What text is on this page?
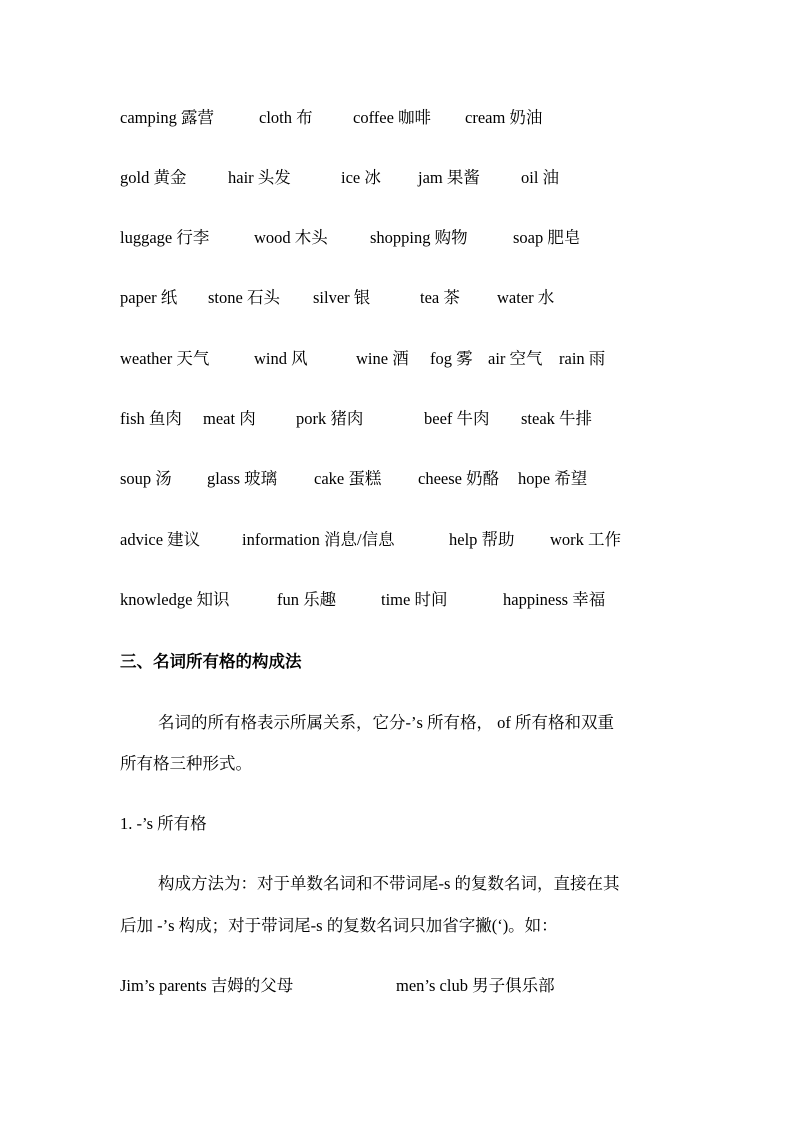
camping 露营	cloth 布 coffee 咖啡 cream 奶油
gold 黄金	hair 头发	ice 冰 jam 果酱 oil 油
luggage 行李	wood 木头	shopping 购物	soap 肥皂
paper 纸 stone 石头 silver 银	tea 茶 water 水
weather 天气	wind 风	wine 酒 fog 雾 air 空气 rain 雨
fish 鱼肉 meat 肉 pork 猪肉	beef 牛肉 steak 牛排
soup 汤 glass 玻璃 cake 蛋糕 cheese 奶酪 hope 希望
advice 建议	information 消息/信息	help 帮助 work 工作
knowledge 知识	fun 乐趣	time 时间	happiness 幸福
三、名词所有格的构成法
名词的所有格表示所属关系，它分-’s 所有格， of 所有格和双重
所有格三种形式。
1. -’s 所有格
构成方法为：对于单数名词和不带词尾-s 的复数名词，直接在其
后加 -’s 构成；对于带词尾-s 的复数名词只加省字撇(‘)。如：
Jim’s parents 吉姆的父母	men’s club 男子俱乐部
